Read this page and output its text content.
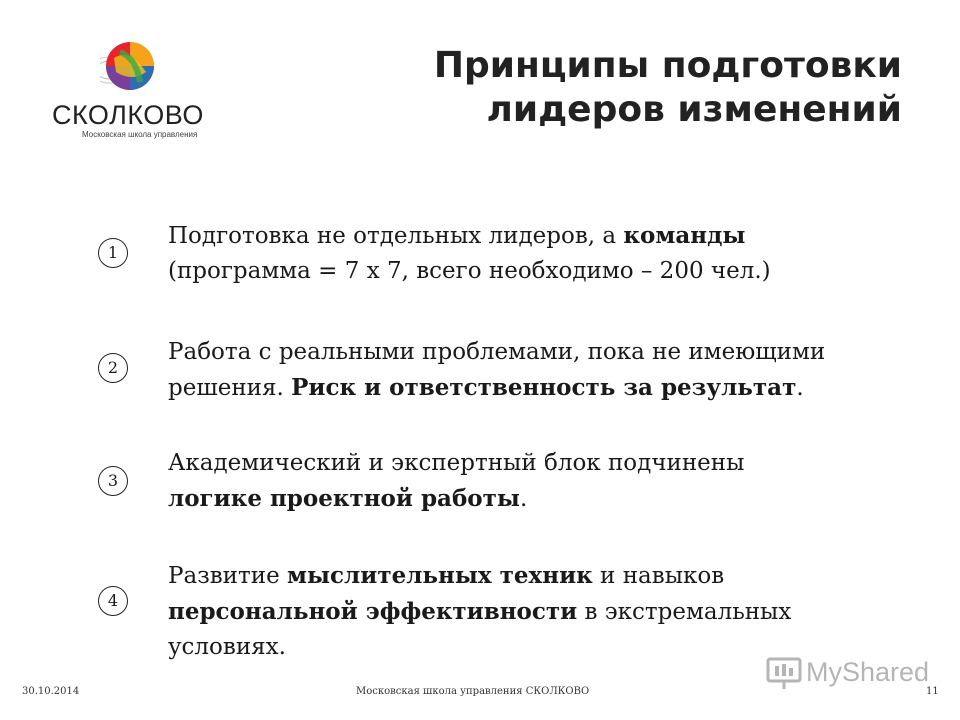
СКОЛКОВО
Московская школа управления
Принципы подготовки
лидеров изменений
1
Подготовка не отдельных лидеров, а команды
(программа = 7 х 7, всего необходимо – 200 чел.)
2
Работа с реальными проблемами, пока не имеющими
решения. Риск и ответственность за результат.
3
Академический и экспертный блок подчинены
логике проектной работы.
4
Развитие мыслительных техник и навыков
персональной эффективности в экстремальных
условиях.
30.10.2014	Московская школа управления СКОЛКОВО	11
MyShared
